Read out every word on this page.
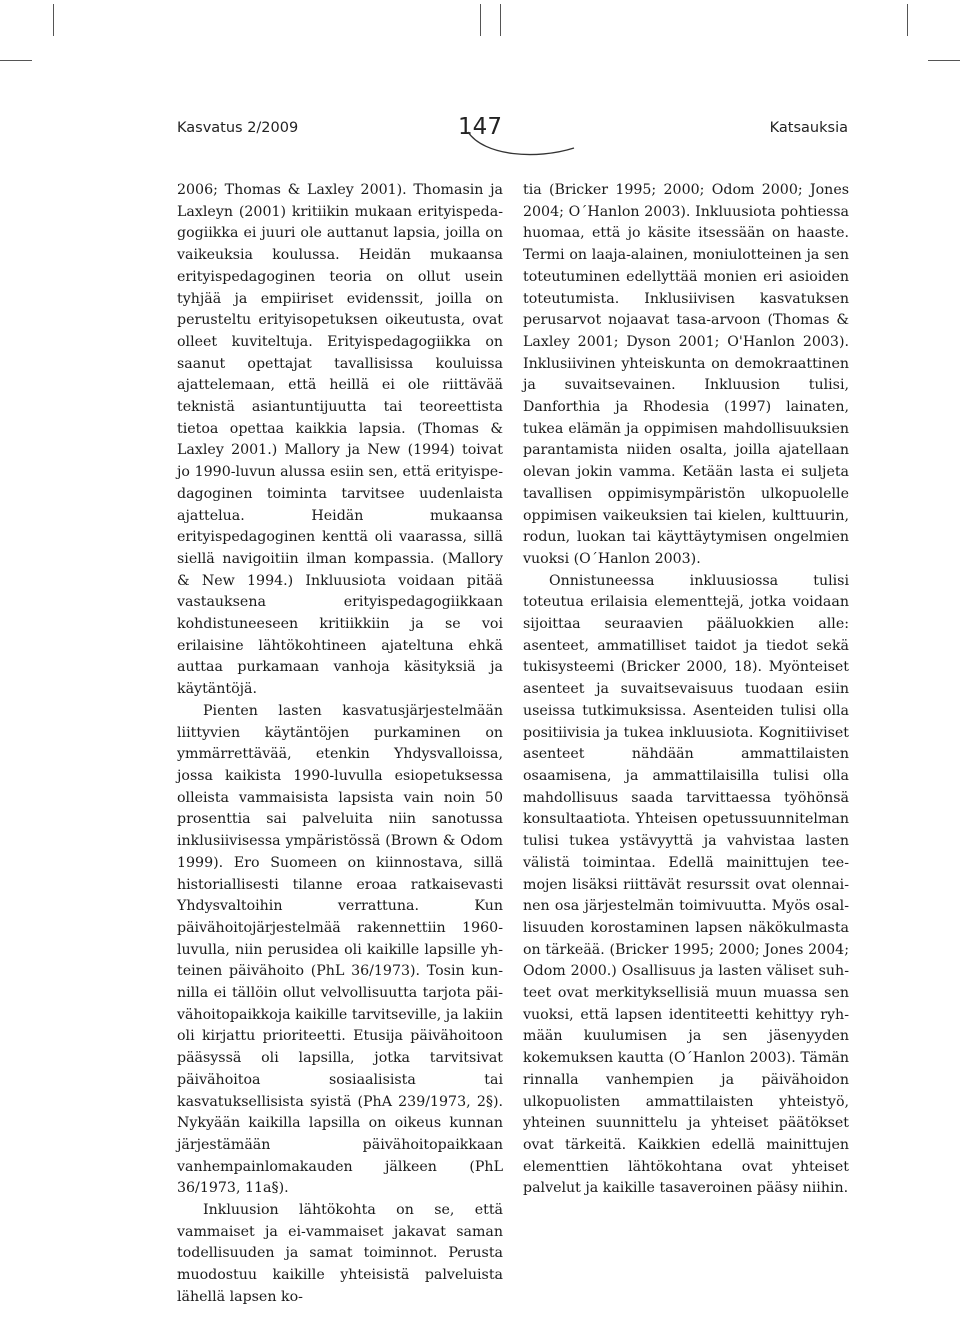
Kasvatus 2/2009	147	Katsauksia

2006; Thomas & Laxley 2001). Thomasin ja Laxleyn (2001) kritiikin mukaan erityispedagogiikka ei juuri ole auttanut lapsia, joilla on vaikeuksia koulussa. Heidän mukaansa erityispedagoginen teoria on ollut usein tyhjää ja empiiriset evidenssit, joilla on perusteltu erityisopetuksen oikeutusta, ovat olleet kuviteltuja. Erityispedagogiikka on saanut opettajat tavallisissa kouluissa ajattelemaan, että heillä ei ole riittävää teknistä asiantuntijuutta tai teoreettista tietoa opettaa kaikkia lapsia. (Thomas & Laxley 2001.) Mallory ja New (1994) toivat jo 1990-luvun alussa esiin sen, että erityispedagoginen toiminta tarvitsee uudenlaista ajattelua. Heidän mukaansa erityispedagoginen kenttä oli vaarassa, sillä siellä navigoitiin ilman kompassia. (Mallory & New 1994.) Inkluusiota voidaan pitää vastauksena erityispedagogiikkaan kohdistuneeseen kritiikkiin ja se voi erilaisine lähtökohtineen ajateltuna ehkä auttaa purkamaan vanhoja käsityksiä ja käytäntöjä.

Pienten lasten kasvatusjärjestelmään liittyvien käytäntöjen purkaminen on ymmärrettävää, etenkin Yhdysvalloissa, jossa kaikista 1990-luvulla esiopetuksessa olleista vammaisista lapsista vain noin 50 prosenttia sai palveluita niin sanotussa inklusiivisessa ympäristössä (Brown & Odom 1999). Ero Suomeen on kiinnostava, sillä historiallisesti tilanne eroaa ratkaisevasti Yhdysvaltoihin verrattuna. Kun päivähoitojärjestelmää rakennettiin 1960-luvulla, niin perusidea oli kaikille lapsille yhteinen päivähoito (PhL 36/1973). Tosin kunnilla ei tällöin ollut velvollisuutta tarjota päivähoitopaikkoja kaikille tarvitseville, ja lakiin oli kirjattu prioriteetti. Etusija päivähoitoon pääsyssä oli lapsilla, jotka tarvitsivat päivähoitoa sosiaalisista tai kasvatuksellisista syistä (PhA 239/1973, 2§). Nykyään kaikilla lapsilla on oikeus kunnan järjestämään päivähoitopaikkaan vanhempainlomakauden jälkeen (PhL 36/1973, 11a§).

Inkluusion lähtökohta on se, että vammaiset ja ei-vammaiset jakavat saman todellisuuden ja samat toiminnot. Perusta muodostuu kaikille yhteisistä palveluista lähellä lapsen ko-

tia (Bricker 1995; 2000; Odom 2000; Jones 2004; O´Hanlon 2003). Inkluusiota pohtiessa huomaa, että jo käsite itsessään on haaste. Termi on laaja-alainen, moniulotteinen ja sen toteutuminen edellyttää monien eri asioiden toteutumista. Inklusiivisen kasvatuksen perusarvot nojaavat tasa-arvoon (Thomas & Laxley 2001; Dyson 2001; O'Hanlon 2003). Inklusiivinen yhteiskunta on demokraattinen ja suvaitsevainen. Inkluusion tulisi, Danforthia ja Rhodesia (1997) lainaten, tukea elämän ja oppimisen mahdollisuuksien parantamista niiden osalta, joilla ajatellaan olevan jokin vamma. Ketään lasta ei suljeta tavallisen oppimisympäristön ulkopuolelle oppimisen vaikeuksien tai kielen, kulttuurin, rodun, luokan tai käyttäytymisen ongelmien vuoksi (O´Hanlon 2003).

Onnistuneessa inkluusiossa tulisi toteutua erilaisia elementtejä, jotka voidaan sijoittaa seuraavien pääluokkien alle: asenteet, ammatilliset taidot ja tiedot sekä tukisysteemi (Bricker 2000, 18). Myönteiset asenteet ja suvaitsevaisuus tuodaan esiin useissa tutkimuksissa. Asenteiden tulisi olla positiivisia ja tukea inkluusiota. Kognitiiviset asenteet nähdään ammattilaisten osaamisena, ja ammattilaisilla tulisi olla mahdollisuus saada tarvittaessa työhönsä konsultaatiota. Yhteisen opetussuunnitelman tulisi tukea ystävyyttä ja vahvistaa lasten välistä toimintaa. Edellä mainittujen teemojen lisäksi riittävät resurssit ovat olennainen osa järjestelmän toimivuutta. Myös osallisuuden korostaminen lapsen näkökulmasta on tärkeää. (Bricker 1995; 2000; Jones 2004; Odom 2000.) Osallisuus ja lasten väliset suhteet ovat merkityksellisiä muun muassa sen vuoksi, että lapsen identiteetti kehittyy ryhmään kuulumisen ja sen jäsenyyden kokemuksen kautta (O´Hanlon 2003). Tämän rinnalla vanhempien ja päivähoidon ulkopuolisten ammattilaisten yhteistyö, yhteinen suunnittelu ja yhteiset päätökset ovat tärkeitä. Kaikkien edellä mainittujen elementtien lähtökohtana ovat yhteiset palvelut ja kaikille tasaveroinen pääsy niihin.
